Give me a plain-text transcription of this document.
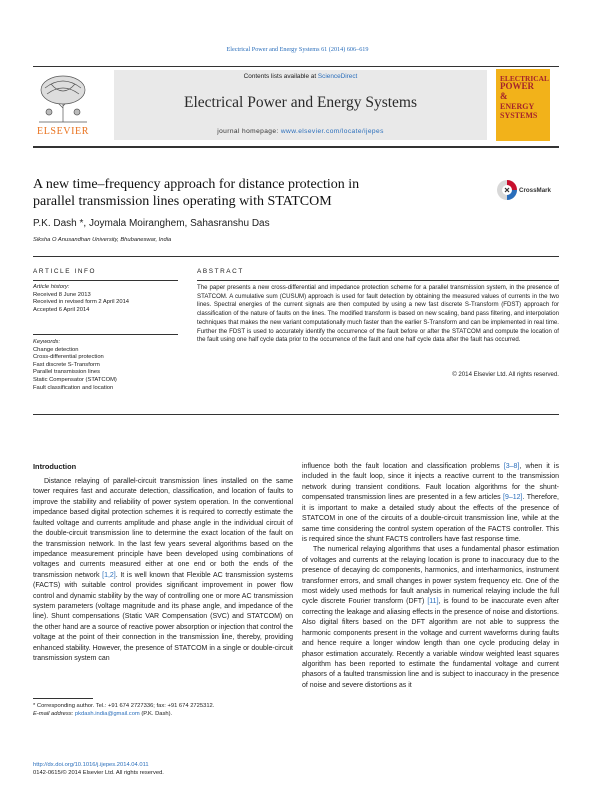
Electrical Power and Energy Systems 61 (2014) 606–619
ELSEVIER
Contents lists available at ScienceDirect
Electrical Power and Energy Systems
journal homepage: www.elsevier.com/locate/ijepes
ELECTRICAL
POWER
&
ENERGY
SYSTEMS
A new time–frequency approach for distance protection in
parallel transmission lines operating with STATCOM
CrossMark
P.K. Dash *, Joymala Moiranghem, Sahasranshu Das
Siksha O Anusandhan University, Bhubaneswar, India
ARTICLE INFO
Article history:
Received 8 June 2013
Received in revised form 2 April 2014
Accepted 6 April 2014
Keywords:
Change detection
Cross-differential protection
Fast discrete S-Transform
Parallel transmission lines
Static Compensator (STATCOM)
Fault classification and location
ABSTRACT
The paper presents a new cross-differential and impedance protection scheme for a parallel transmission system, in the presence of STATCOM. A cumulative sum (CUSUM) approach is used for fault detection by obtaining the measured values of currents in the two lines. Spectral energies of the current signals are then computed by using a new fast discrete S-Transform (FDST) approach for classification of the nature of faults on the lines. The modified transform is based on new scaling, band pass filtering, and interpolation techniques that makes the new variant computationally much faster than the earlier S-Transform and can be implemented in real time. Further the FDST is used to accurately identify the occurrence of the fault before or after the STATCOM and compute the location of the fault using one half cycle data prior to the occurrence of the fault and one half cycle data after the fault has occurred.
© 2014 Elsevier Ltd. All rights reserved.
Introduction

Distance relaying of parallel-circuit transmission lines installed on the same tower requires fast and accurate detection, classification, and location of faults to improve the stability and reliability of power system operation. In the conventional impedance based digital protection schemes it is required to correctly estimate the faulted voltage and currents amplitude and phase angle in the individual circuit of the double-circuit transmission line to determine the exact location of the fault on the transmission network. In the last few years several algorithms based on the impedance measurement principle have been developed using combinations of voltages and currents measured either at one end or both the ends of the transmission network [1,2]. It is well known that Flexible AC transmission systems (FACTS) with suitable control provides significant improvement in power flow control and dynamic stability by the way of controlling one or more AC transmission system parameters (voltage magnitude and its phase angle, and impedance of the line). Shunt compensations (Static VAR Compensation (SVC) and STATCOM) on the other hand are a source of reactive power absorption or injection that control the voltage at the point of their connection in the transmission line, thereby, providing enhanced stability. However, the presence of STATCOM in a single or double-circuit transmission system can

influence both the fault location and classification problems [3–8], when it is included in the fault loop, since it injects a reactive current to the transmission network during transient conditions. Fault location algorithms for the shunt-compensated transmission lines are presented in a few articles [9–12]. Therefore, it is important to make a detailed study about the effects of the presence of STATCOM in one of the circuits of a double-circuit transmission line, while at the same time considering the control system operation of the FACTS controller. This is required since the shunt FACTS controllers have fast response time.

The numerical relaying algorithms that uses a fundamental phasor estimation of voltages and currents at the relaying location is prone to inaccuracy due to the presence of decaying dc components, harmonics, and interharmonics, instrument transformer errors, and small changes in power system frequency etc. One of the most widely used methods for fault analysis in numerical relaying include the full cycle discrete Fourier transform (DFT) [11], is found to be inaccurate even after correcting the leakage and aliasing effects in the presence of noise and distortions. Also digital filters based on the DFT algorithm are not able to suppress the harmonic components present in the voltage and current waveforms during faults and hence require a longer window length than one cycle producing delay in phasor estimation accurately. Recently a variable window weighted least squares algorithm has been reported to estimate the fundamental voltage and current phasors of a faulted transmission line and is subject to inaccuracy in the presence of noise and severe distortions as it

* Corresponding author. Tel.: +91 674 2727336; fax: +91 674 2725312.
E-mail address: pkdash.india@gmail.com (P.K. Dash).
http://dx.doi.org/10.1016/j.ijepes.2014.04.011
0142-0615/© 2014 Elsevier Ltd. All rights reserved.
